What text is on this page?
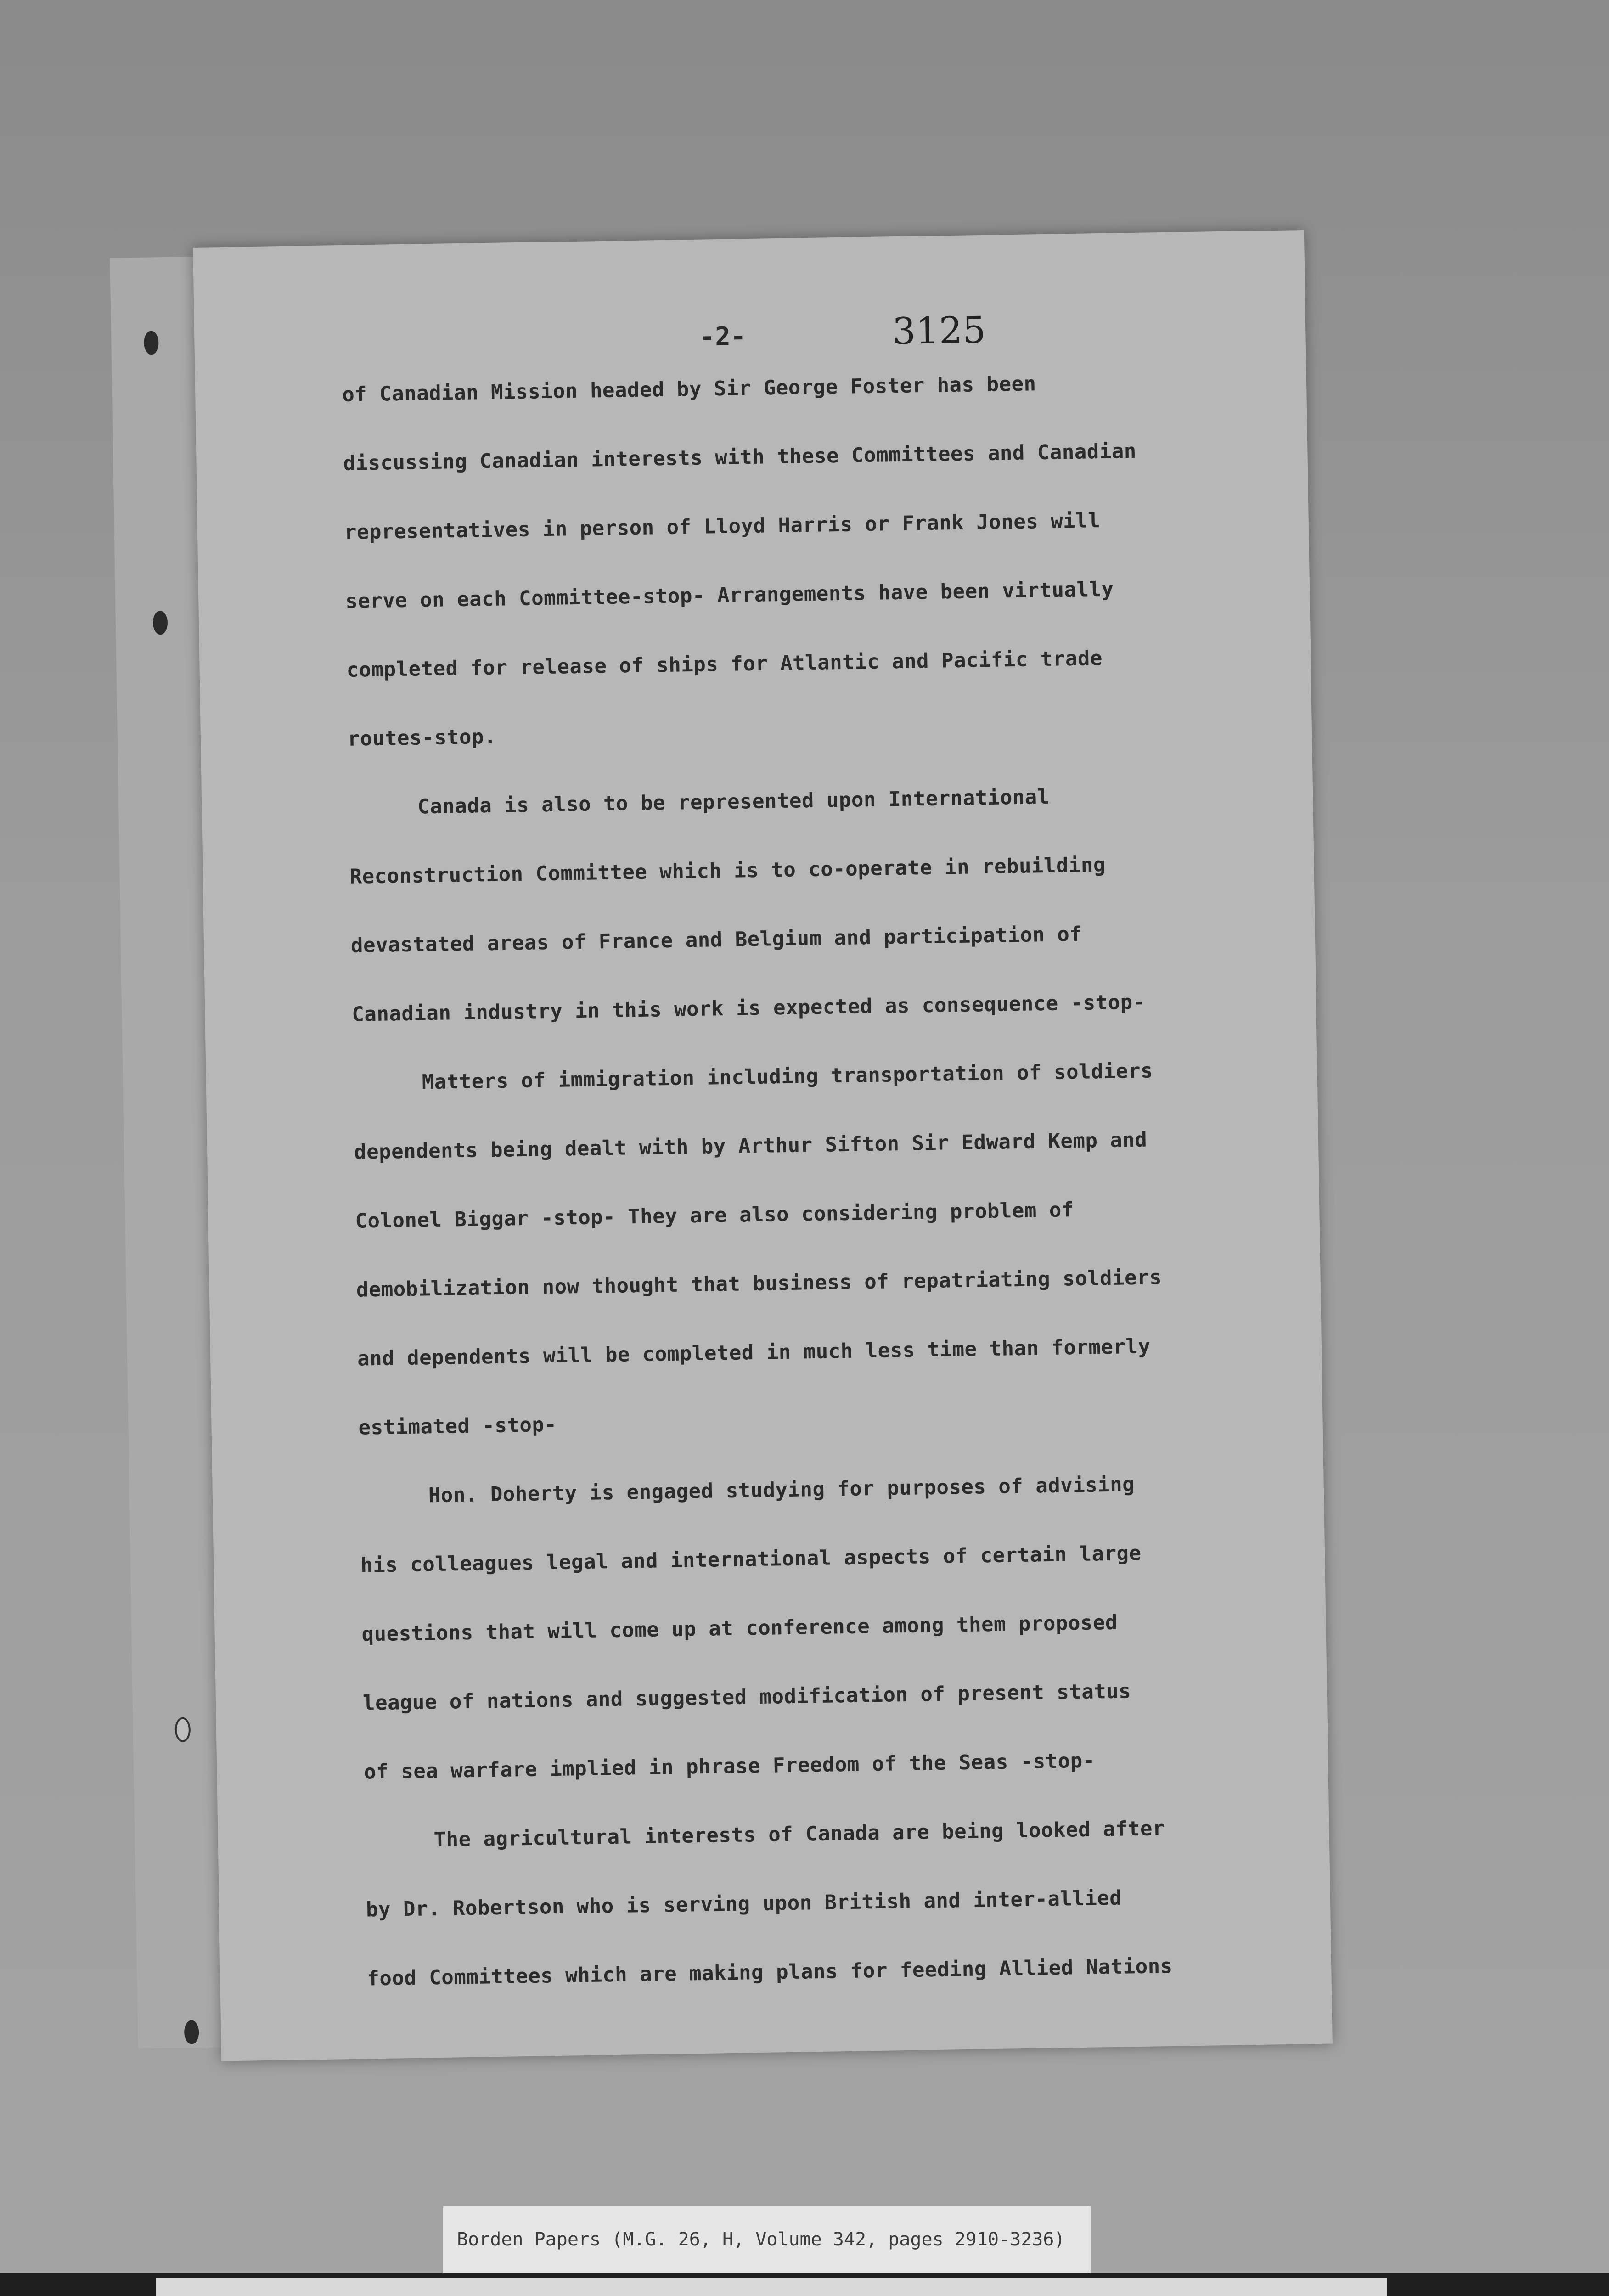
-2-	3125
of Canadian Mission headed by Sir George Foster has been
discussing Canadian interests with these Committees and Canadian
representatives in person of Lloyd Harris or Frank Jones will
serve on each Committee-stop- Arrangements have been virtually
completed for release of ships for Atlantic and Pacific trade
routes-stop.
Canada is also to be represented upon International
Reconstruction Committee which is to co-operate in rebuilding
devastated areas of France and Belgium and participation of
Canadian industry in this work is expected as consequence -stop-
Matters of immigration including transportation of soldiers
dependents being dealt with by Arthur Sifton Sir Edward Kemp and
Colonel Biggar -stop- They are also considering problem of
demobilization now thought that business of repatriating soldiers
and dependents will be completed in much less time than formerly
estimated -stop-
Hon. Doherty is engaged studying for purposes of advising
his colleagues legal and international aspects of certain large
questions that will come up at conference among them proposed
league of nations and suggested modification of present status
of sea warfare implied in phrase Freedom of the Seas -stop-
The agricultural interests of Canada are being looked after
by Dr. Robertson who is serving upon British and inter-allied
food Committees which are making plans for feeding Allied Nations
Borden Papers (M.G. 26, H, Volume 342, pages 2910-3236)
